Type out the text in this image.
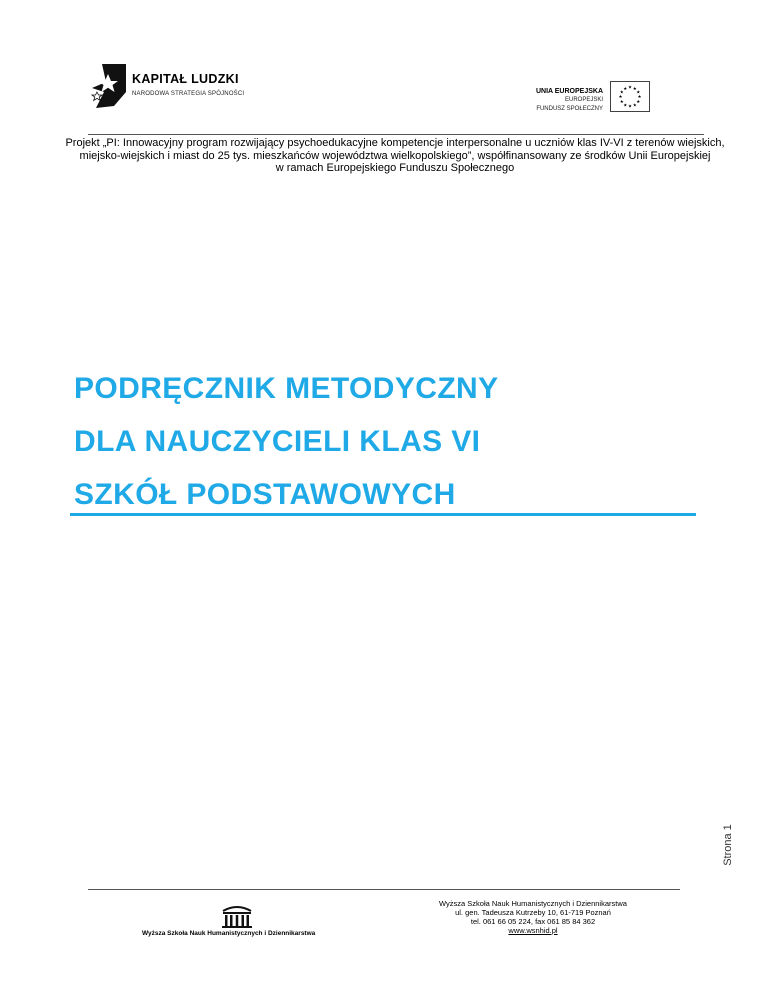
KAPITAŁ LUDZKI
NARODOWA STRATEGIA SPÓJNOŚCI	UNIA EUROPEJSKA
EUROPEJSKI
FUNDUSZ SPOŁECZNY
★
★
★
★
★
★
★
★
★ ★ ★
★
Projekt „PI: Innowacyjny program rozwijający psychoedukacyjne kompetencje interpersonalne u uczniów klas IV-VI z terenów wiejskich,
miejsko-wiejskich i miast do 25 tys. mieszkańców województwa wielkopolskiego”, współfinansowany ze środków Unii Europejskiej
w ramach Europejskiego Funduszu Społecznego
PODRĘCZNIK METODYCZNY
DLA NAUCZYCIELI KLAS VI
SZKÓŁ PODSTAWOWYCH
Strona 1
Wyższa Szkoła Nauk Humanistycznych i Dziennikarstwa
Wyższa Szkoła Nauk Humanistycznych i Dziennikarstwa
ul. gen. Tadeusza Kutrzeby 10, 61-719 Poznań
tel. 061 66 05 224, fax 061 85 84 362
www.wsnhid.pl
